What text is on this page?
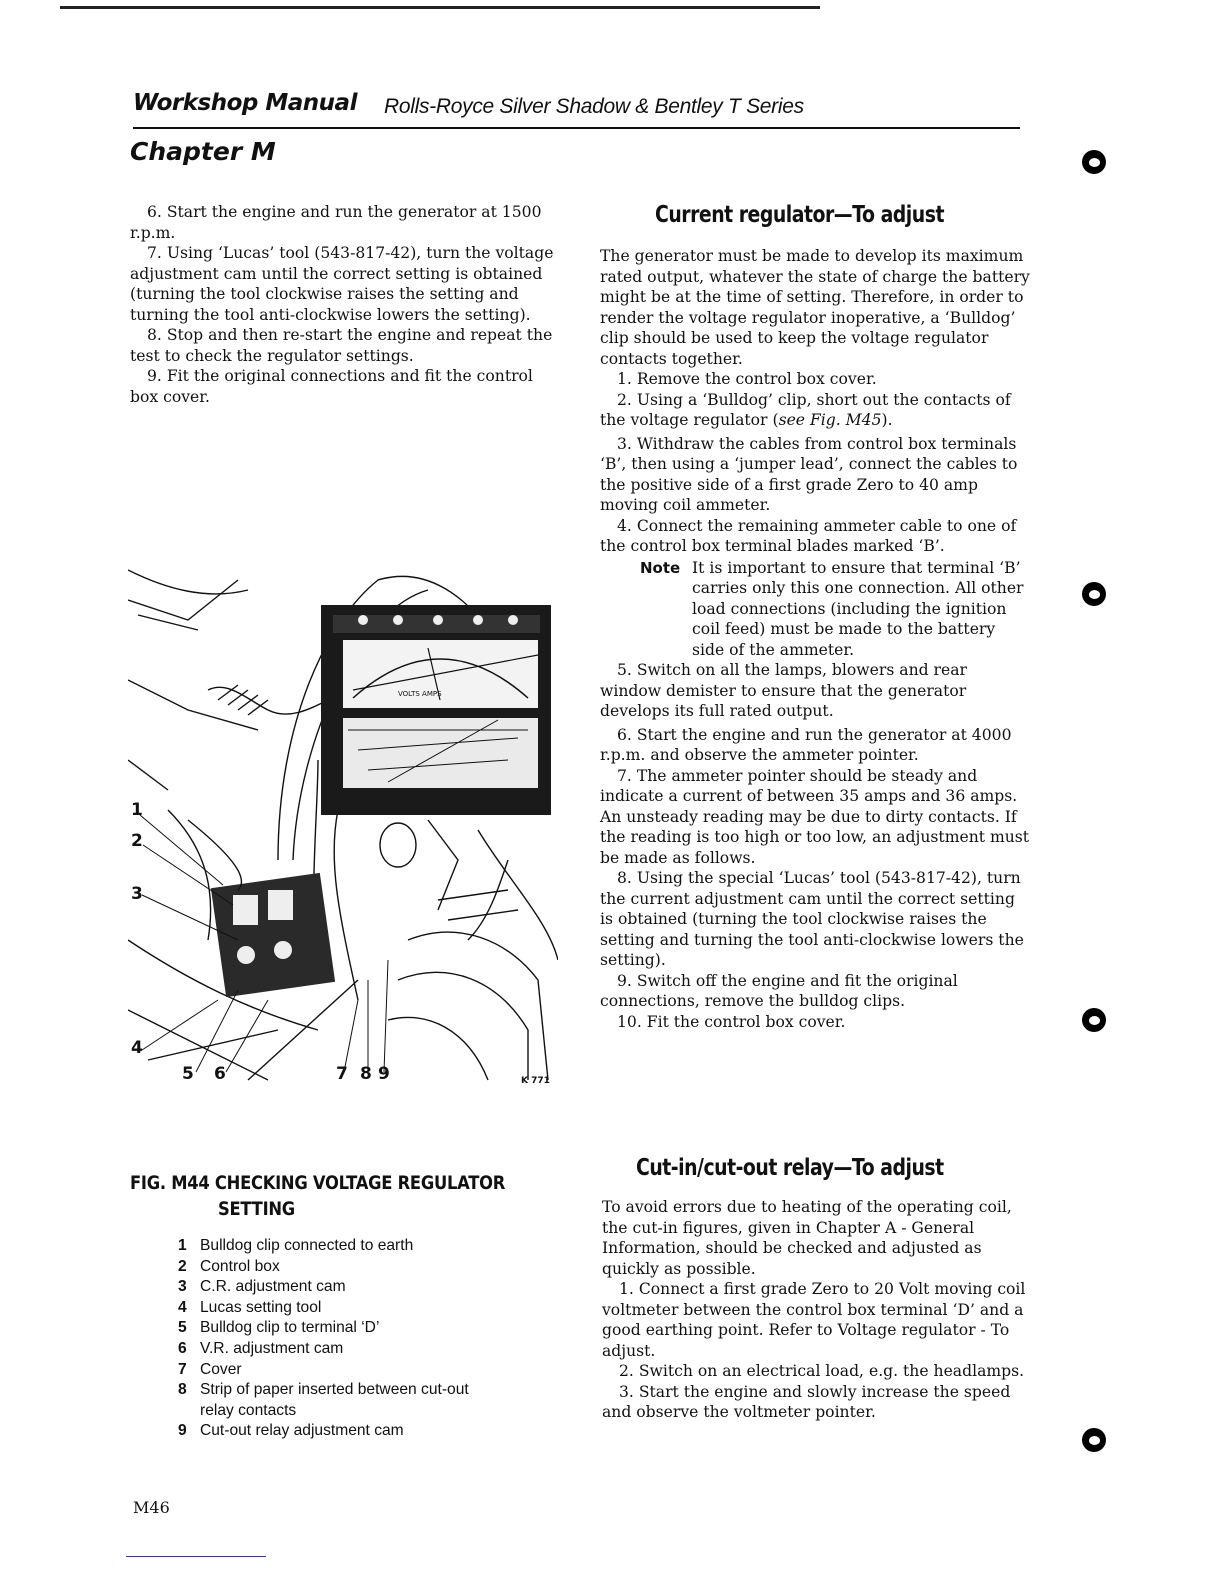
Workshop Manual Rolls-Royce Silver Shadow & Bentley T Series
Chapter M

6. Start the engine and run the generator at 1500 r.p.m.

7. Using ‘Lucas’ tool (543-817-42), turn the voltage adjustment cam until the correct setting is obtained (turning the tool clockwise raises the setting and turning the tool anti-clockwise lowers the setting).

8. Stop and then re-start the engine and repeat the test to check the regulator settings.

9. Fit the original connections and fit the control box cover.

VOLTS AMPS
1
2
3
4
5 6	7 8 9	K 771
FIG. M44 CHECKING VOLTAGE REGULATOR
SETTING
1 Bulldog clip connected to earth
2 Control box
3 C.R. adjustment cam
4 Lucas setting tool
5 Bulldog clip to terminal ‘D’
6 V.R. adjustment cam
7 Cover
8 Strip of paper inserted between cut-out relay contacts
9 Cut-out relay adjustment cam
Current regulator—To adjust

The generator must be made to develop its maximum rated output, whatever the state of charge the battery might be at the time of setting. Therefore, in order to render the voltage regulator inoperative, a ‘Bulldog’ clip should be used to keep the voltage regulator contacts together.

1. Remove the control box cover.

2. Using a ‘Bulldog’ clip, short out the contacts of the voltage regulator (see Fig. M45).

3. Withdraw the cables from control box terminals ‘B’, then using a ‘jumper lead’, connect the cables to the positive side of a first grade Zero to 40 amp moving coil ammeter.

4. Connect the remaining ammeter cable to one of the control box terminal blades marked ‘B’.

Note It is important to ensure that terminal ‘B’ carries only this one connection. All other load connections (including the ignition coil feed) must be made to the battery side of the ammeter.

5. Switch on all the lamps, blowers and rear window demister to ensure that the generator develops its full rated output.

6. Start the engine and run the generator at 4000 r.p.m. and observe the ammeter pointer.

7. The ammeter pointer should be steady and indicate a current of between 35 amps and 36 amps. An unsteady reading may be due to dirty contacts. If the reading is too high or too low, an adjustment must be made as follows.

8. Using the special ‘Lucas’ tool (543-817-42), turn the current adjustment cam until the correct setting is obtained (turning the tool clockwise raises the setting and turning the tool anti-clockwise lowers the setting).

9. Switch off the engine and fit the original connections, remove the bulldog clips.

10. Fit the control box cover.

Cut-in/cut-out relay—To adjust

To avoid errors due to heating of the operating coil, the cut-in figures, given in Chapter A - General Information, should be checked and adjusted as quickly as possible.

1. Connect a first grade Zero to 20 Volt moving coil voltmeter between the control box terminal ‘D’ and a good earthing point. Refer to Voltage regulator - To adjust.

2. Switch on an electrical load, e.g. the headlamps.

3. Start the engine and slowly increase the speed and observe the voltmeter pointer.

M46
